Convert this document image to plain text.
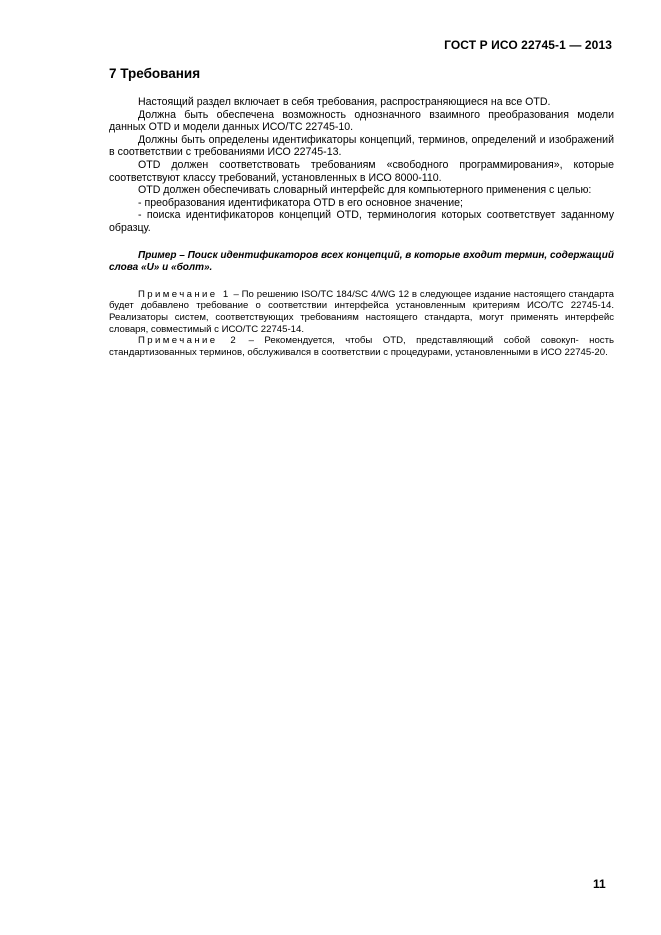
ГОСТ Р ИСО 22745-1 — 2013
7 Требования

Настоящий раздел включает в себя требования, распространяющиеся на все OTD.

Должна быть обеспечена возможность однозначного взаимного преобразования модели данных OTD и модели данных ИСО/ТС 22745-10.

Должны быть определены идентификаторы концепций, терминов, определений и изображений в соответствии с требованиями ИСО 22745-13.

OTD должен соответствовать требованиям «свободного программирования», которые соответствуют классу требований, установленных в ИСО 8000-110.

OTD должен обеспечивать словарный интерфейс для компьютерного применения с целью:

- преобразования идентификатора OTD в его основное значение;

- поиска идентификаторов концепций OTD, терминология которых соответствует заданному образцу.

Пример – Поиск идентификаторов всех концепций, в которые входит термин, содержащий слова «U» и «болт».

Примечание 1 – По решению ISO/TC 184/SC 4/WG 12 в следующее издание настоящего стандарта будет добавлено требование о соответствии интерфейса установленным критериям ИСО/ТС 22745-14. Реализаторы систем, соответствующих требованиям настоящего стандарта, могут применять интерфейс словаря, совместимый с ИСО/ТС 22745-14.

Примечание 2 – Рекомендуется, чтобы OTD, представляющий собой совокуп- ность стандартизованных терминов, обслуживался в соответствии с процедурами, установленными в ИСО 22745-20.

11
